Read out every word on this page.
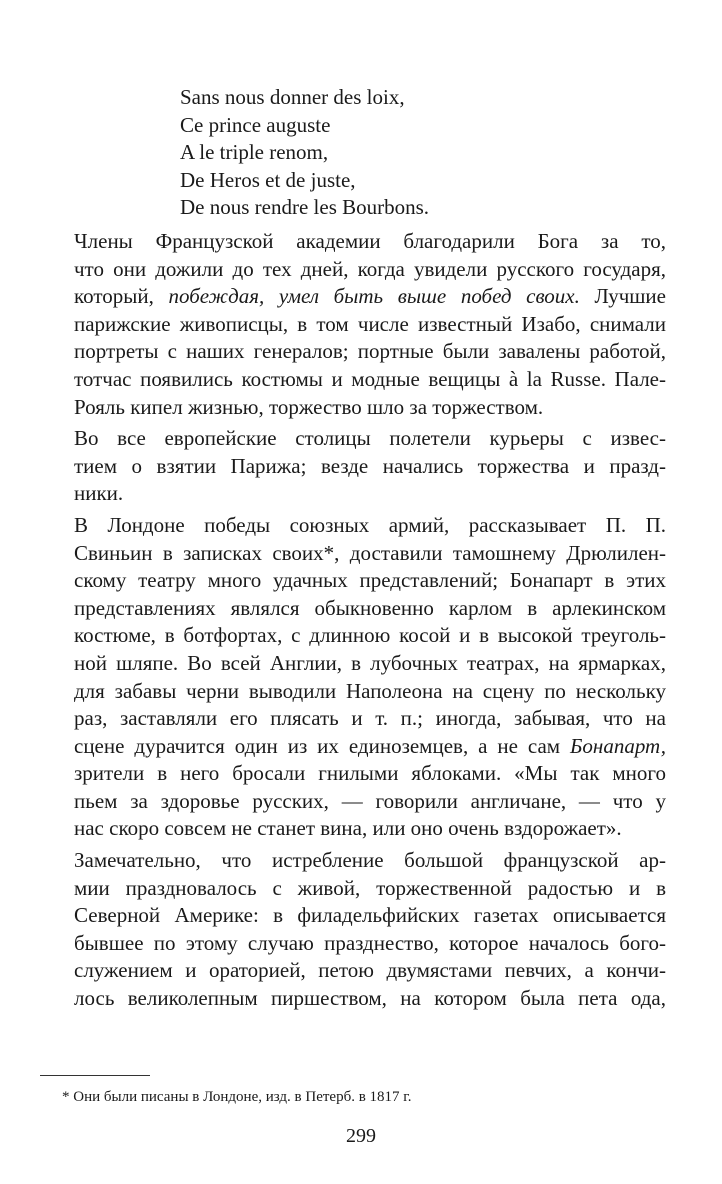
Sans nous donner des loix,
Ce prince auguste
A le triple renom,
De Heros et de juste,
De nous rendre les Bourbons.
Члены Французской академии благодарили Бога за то,
что они дожили до тех дней, когда увидели русского государя,
который, побеждая, умел быть выше побед своих. Лучшие
парижские живописцы, в том числе известный Изабо, снимали
портреты с наших генералов; портные были завалены работой,
тотчас появились костюмы и модные вещицы à la Russe. Пале-
Рояль кипел жизнью, торжество шло за торжеством.
Во все европейские столицы полетели курьеры с извес-
тием о взятии Парижа; везде начались торжества и празд-
ники.
В Лондоне победы союзных армий, рассказывает П. П.
Свиньин в записках своих*, доставили тамошнему Дрюлилен-
скому театру много удачных представлений; Бонапарт в этих
представлениях являлся обыкновенно карлом в арлекинском
костюме, в ботфортах, с длинною косой и в высокой треуголь-
ной шляпе. Во всей Англии, в лубочных театрах, на ярмарках,
для забавы черни выводили Наполеона на сцену по нескольку
раз, заставляли его плясать и т. п.; иногда, забывая, что на
сцене дурачится один из их единоземцев, а не сам Бонапарт,
зрители в него бросали гнилыми яблоками. «Мы так много
пьем за здоровье русских, — говорили англичане, — что у
нас скоро совсем не станет вина, или оно очень вздорожает».
Замечательно, что истребление большой французской ар-
мии праздновалось с живой, торжественной радостью и в
Северной Америке: в филадельфийских газетах описывается
бывшее по этому случаю празднество, которое началось бого-
служением и ораторией, петою двумястами певчих, а кончи-
лось великолепным пиршеством, на котором была пета ода,
* Они были писаны в Лондоне, изд. в Петерб. в 1817 г.
299
